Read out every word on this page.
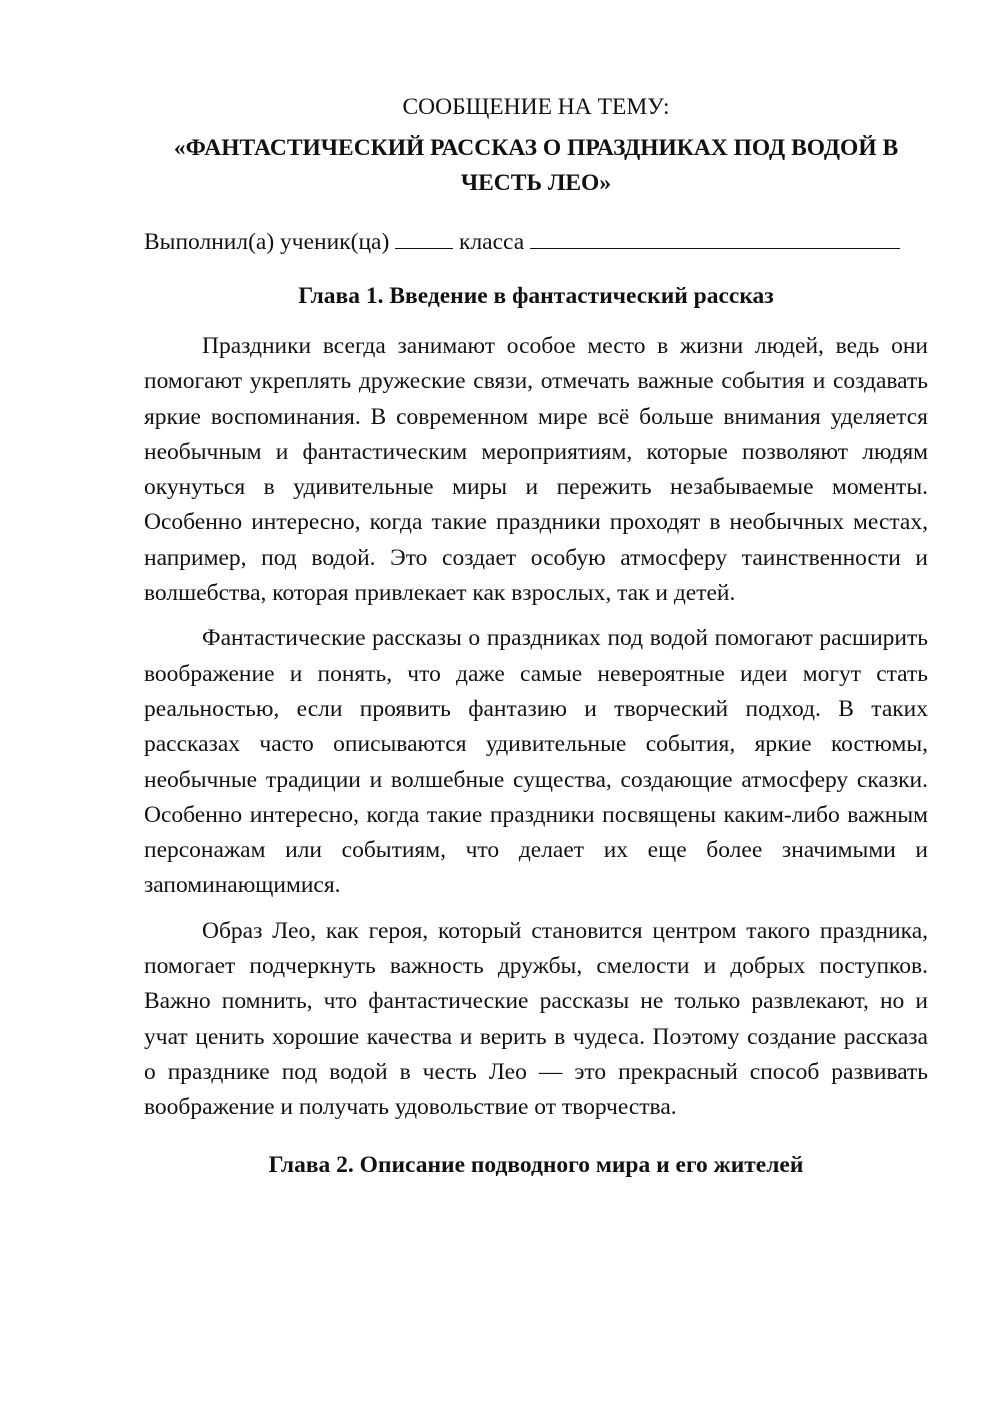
СООБЩЕНИЕ НА ТЕМУ:

«ФАНТАСТИЧЕСКИЙ РАССКАЗ О ПРАЗДНИКАХ ПОД ВОДОЙ В ЧЕСТЬ ЛЕО»

Выполнил(а) ученик(ца)	класса

Глава 1. Введение в фантастический рассказ

Праздники всегда занимают особое место в жизни людей, ведь они помогают укреплять дружеские связи, отмечать важные события и создавать яркие воспоминания. В современном мире всё больше внимания уделяется необычным и фантастическим мероприятиям, которые позволяют людям окунуться в удивительные миры и пережить незабываемые моменты. Особенно интересно, когда такие праздники проходят в необычных местах, например, под водой. Это создает особую атмосферу таинственности и волшебства, которая привлекает как взрослых, так и детей.

Фантастические рассказы о праздниках под водой помогают расширить воображение и понять, что даже самые невероятные идеи могут стать реальностью, если проявить фантазию и творческий подход. В таких рассказах часто описываются удивительные события, яркие костюмы, необычные традиции и волшебные существа, создающие атмосферу сказки. Особенно интересно, когда такие праздники посвящены каким-либо важным персонажам или событиям, что делает их еще более значимыми и запоминающимися.

Образ Лео, как героя, который становится центром такого праздника, помогает подчеркнуть важность дружбы, смелости и добрых поступков. Важно помнить, что фантастические рассказы не только развлекают, но и учат ценить хорошие качества и верить в чудеса. Поэтому создание рассказа о празднике под водой в честь Лео — это прекрасный способ развивать воображение и получать удовольствие от творчества.

Глава 2. Описание подводного мира и его жителей
